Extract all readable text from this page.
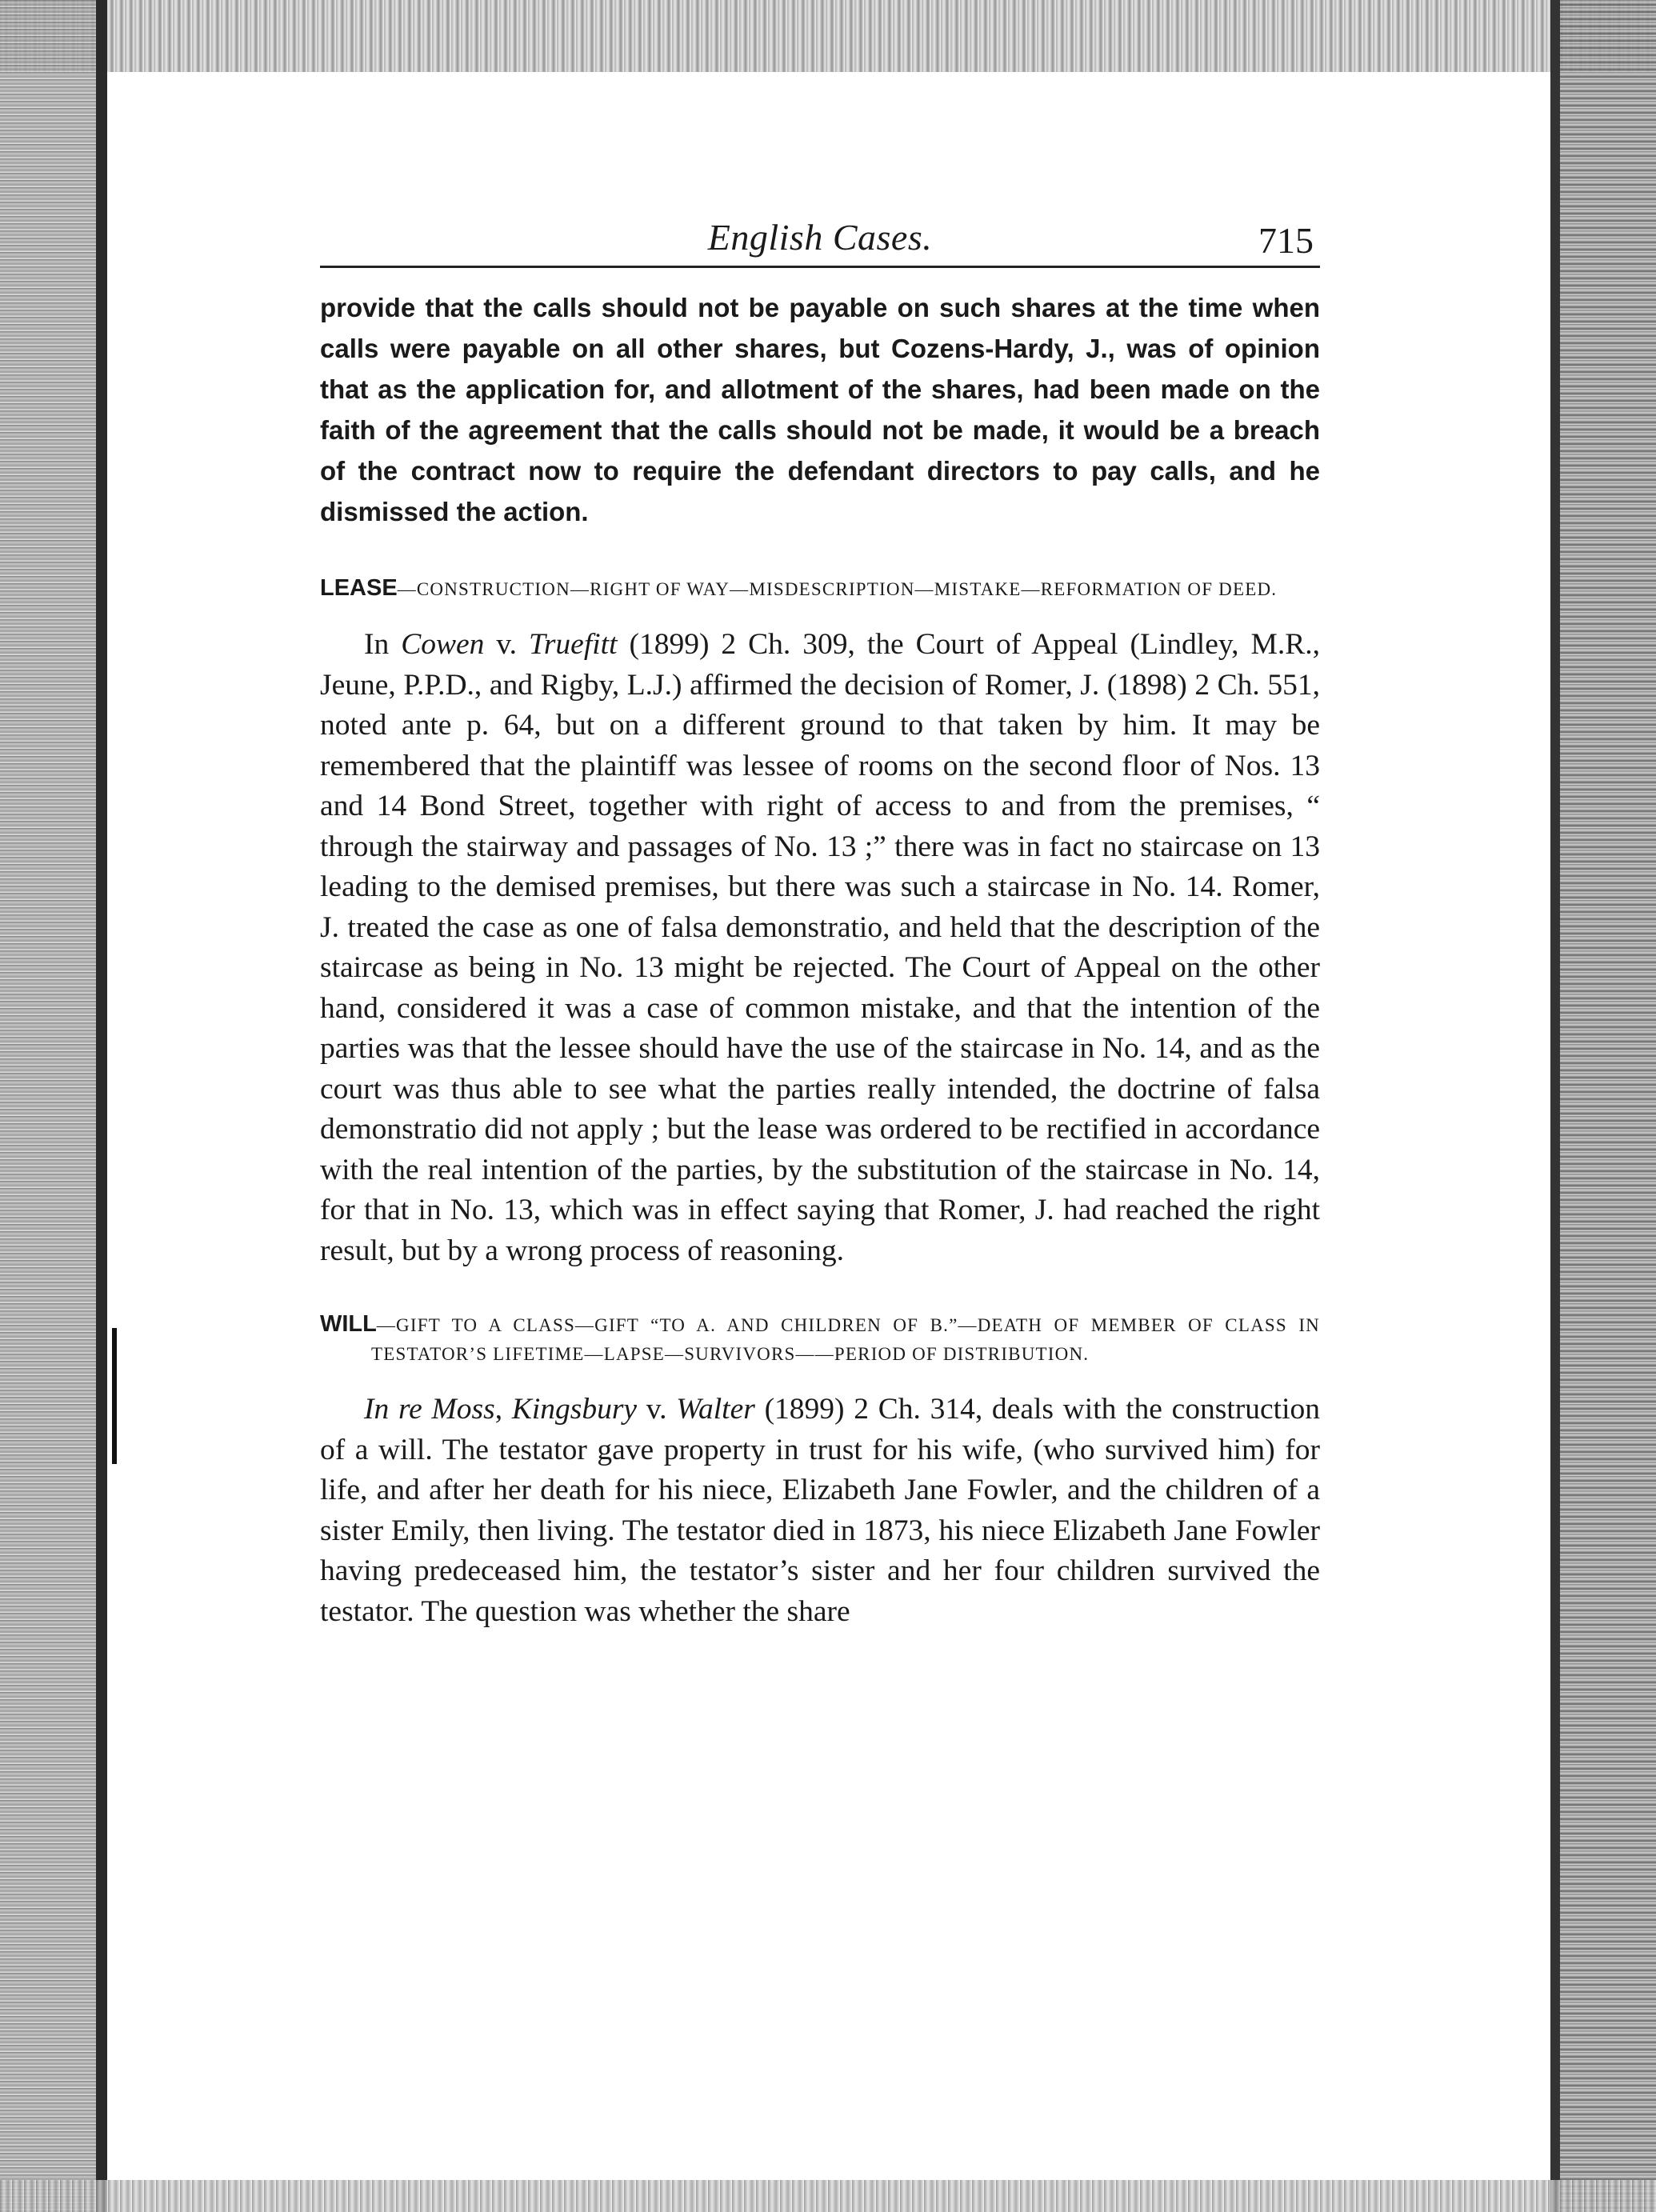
English Cases.	715

provide that the calls should not be payable on such shares at the time when calls were payable on all other shares, but Cozens-Hardy, J., was of opinion that as the application for, and allotment of the shares, had been made on the faith of the agreement that the calls should not be made, it would be a breach of the contract now to require the defendant directors to pay calls, and he dismissed the action.

LEASE—CONSTRUCTION—RIGHT OF WAY—MISDESCRIPTION—MISTAKE—REFORMATION OF DEED.

In Cowen v. Truefitt (1899) 2 Ch. 309, the Court of Appeal (Lindley, M.R., Jeune, P.P.D., and Rigby, L.J.) affirmed the decision of Romer, J. (1898) 2 Ch. 551, noted ante p. 64, but on a different ground to that taken by him. It may be remembered that the plaintiff was lessee of rooms on the second floor of Nos. 13 and 14 Bond Street, together with right of access to and from the premises, “ through the stairway and passages of No. 13 ;” there was in fact no staircase on 13 leading to the demised premises, but there was such a staircase in No. 14. Romer, J. treated the case as one of falsa demonstratio, and held that the description of the staircase as being in No. 13 might be rejected. The Court of Appeal on the other hand, considered it was a case of common mistake, and that the intention of the parties was that the lessee should have the use of the staircase in No. 14, and as the court was thus able to see what the parties really intended, the doctrine of falsa demonstratio did not apply ; but the lease was ordered to be rectified in accordance with the real intention of the parties, by the substitution of the staircase in No. 14, for that in No. 13, which was in effect saying that Romer, J. had reached the right result, but by a wrong process of reasoning.

WILL—GIFT TO A CLASS—GIFT “TO A. AND CHILDREN OF B.”—DEATH OF MEMBER OF CLASS IN TESTATOR’S LIFETIME—LAPSE—SURVIVORS——PERIOD OF DISTRIBUTION.

In re Moss, Kingsbury v. Walter (1899) 2 Ch. 314, deals with the construction of a will. The testator gave property in trust for his wife, (who survived him) for life, and after her death for his niece, Elizabeth Jane Fowler, and the children of a sister Emily, then living. The testator died in 1873, his niece Elizabeth Jane Fowler having predeceased him, the testator’s sister and her four children survived the testator. The question was whether the share
